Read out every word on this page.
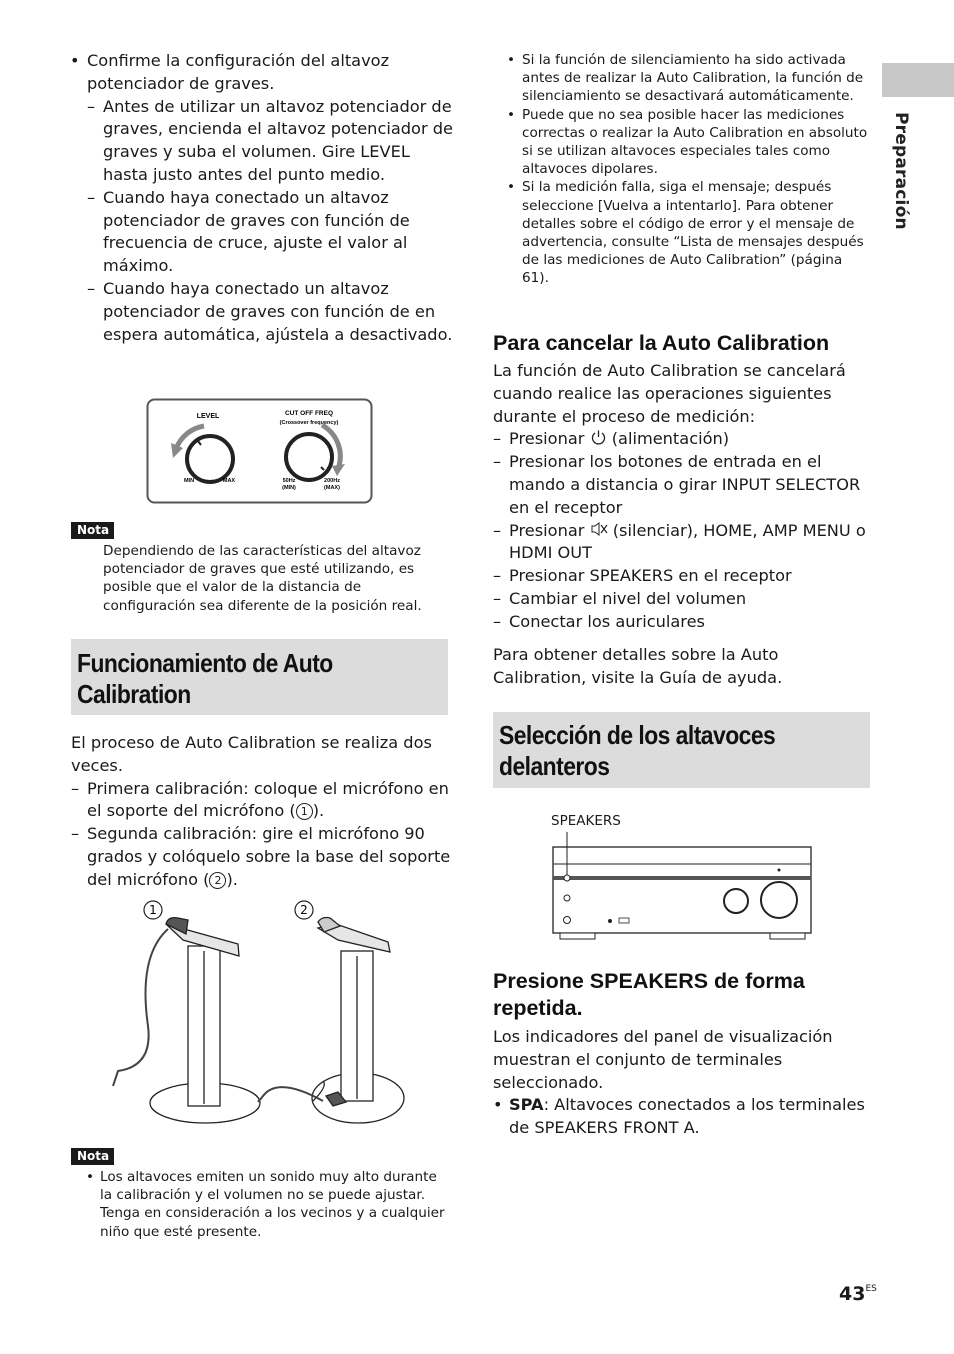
Preparación
• Confirme la configuración del altavoz potenciador de graves.
– Antes de utilizar un altavoz potenciador de graves, encienda el altavoz potenciador de graves y suba el volumen. Gire LEVEL hasta justo antes del punto medio.
– Cuando haya conectado un altavoz potenciador de graves con función de frecuencia de cruce, ajuste el valor al máximo.
– Cuando haya conectado un altavoz potenciador de graves con función de en espera automática, ajústela a desactivado.
LEVEL	CUT OFF FREQ
(Crossover frequency)
MIN	MAX	50Hz
(MIN)
200Hz
(MAX)
Nota
Dependiendo de las características del altavoz potenciador de graves que esté utilizando, es posible que el valor de la distancia de configuración sea diferente de la posición real.
Funcionamiento de Auto Calibration
El proceso de Auto Calibration se realiza dos veces.
– Primera calibración: coloque el micrófono en el soporte del micrófono ( 1 ).
– Segunda calibración: gire el micrófono 90 grados y colóquelo sobre la base del soporte del micrófono ( 2 ).
1	2
Nota
• Los altavoces emiten un sonido muy alto durante la calibración y el volumen no se puede ajustar. Tenga en consideración a los vecinos y a cualquier niño que esté presente.
• Si la función de silenciamiento ha sido activada antes de realizar la Auto Calibration, la función de silenciamiento se desactivará automáticamente.
• Puede que no sea posible hacer las mediciones correctas o realizar la Auto Calibration en absoluto si se utilizan altavoces especiales tales como altavoces dipolares.
• Si la medición falla, siga el mensaje; después seleccione [Vuelva a intentarlo]. Para obtener detalles sobre el código de error y el mensaje de advertencia, consulte “Lista de mensajes después de las mediciones de Auto Calibration” (página 61).
Para cancelar la Auto Calibration
La función de Auto Calibration se cancelará cuando realice las operaciones siguientes durante el proceso de medición:
– Presionar (alimentación)
– Presionar los botones de entrada en el mando a distancia o girar INPUT SELECTOR en el receptor
– Presionar (silenciar), HOME, AMP MENU o HDMI OUT
– Presionar SPEAKERS en el receptor
– Cambiar el nivel del volumen
– Conectar los auriculares
Para obtener detalles sobre la Auto Calibration, visite la Guía de ayuda.
Selección de los altavoces delanteros
SPEAKERS
Presione SPEAKERS de forma repetida.
Los indicadores del panel de visualización muestran el conjunto de terminales seleccionado.
• SPA: Altavoces conectados a los terminales de SPEAKERS FRONT A.
$43^{ES}$
